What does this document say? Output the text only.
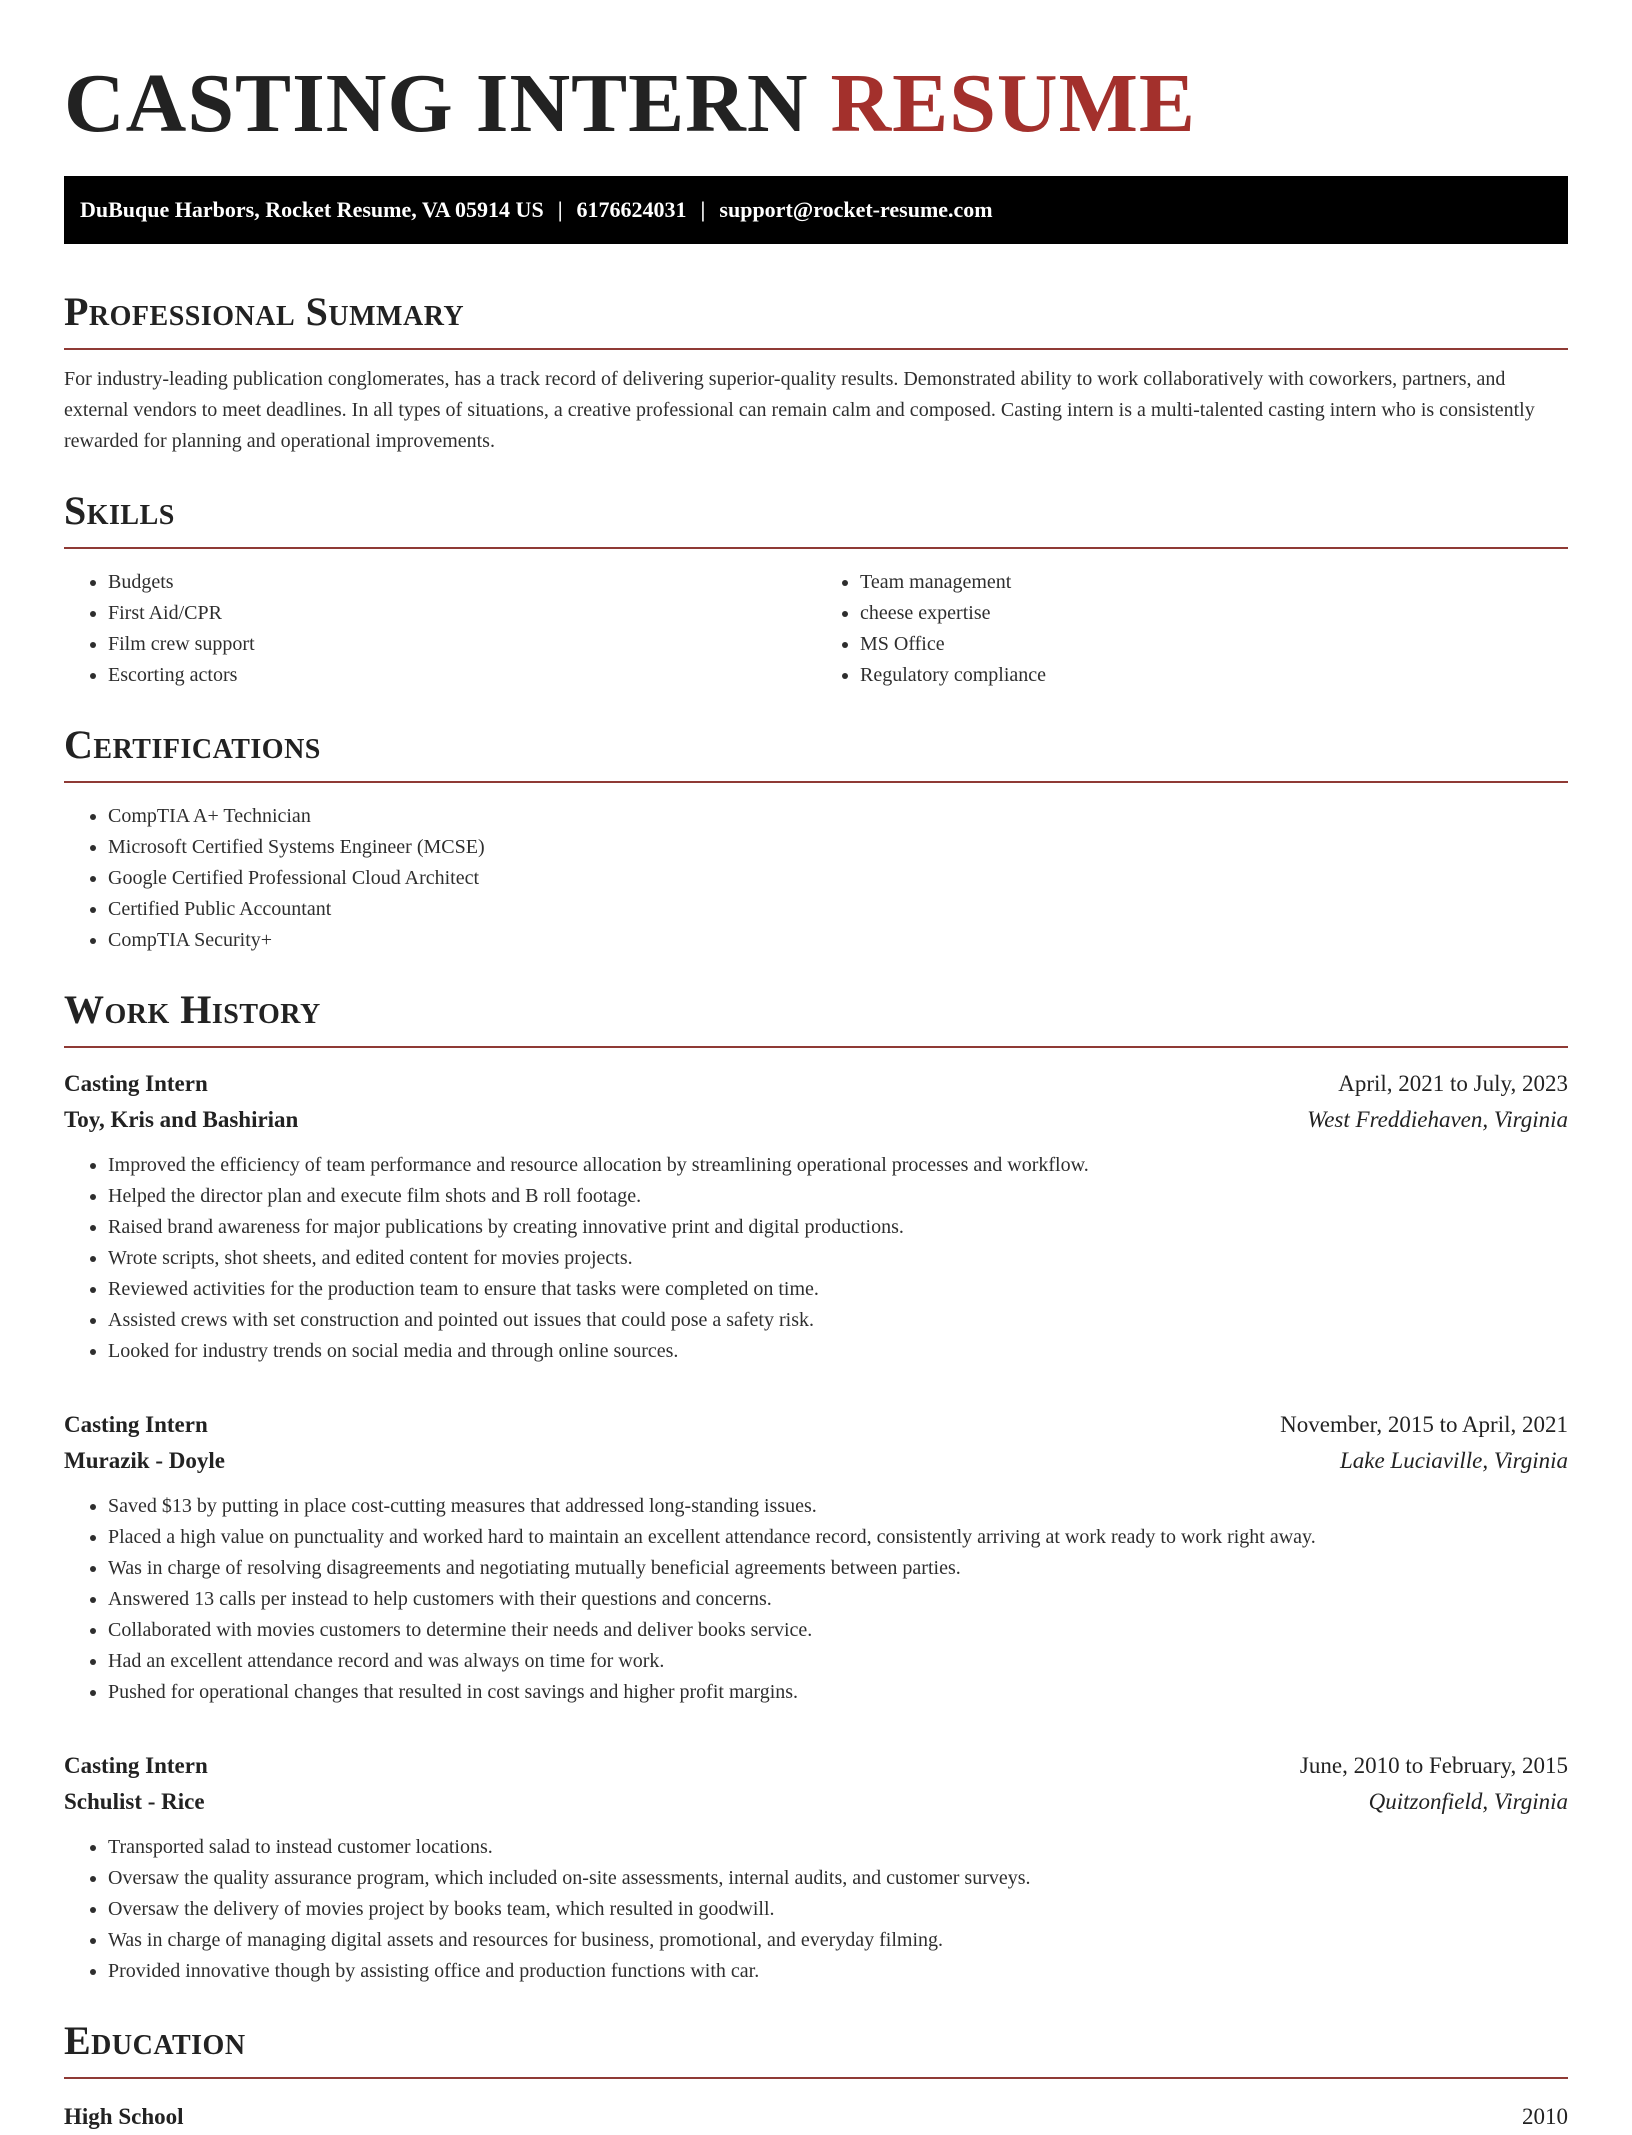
CASTING INTERN RESUME
DuBuque Harbors, Rocket Resume, VA 05914 US | 6176624031 | support@rocket-resume.com
Professional Summary

For industry-leading publication conglomerates, has a track record of delivering superior-quality results. Demonstrated ability to work collaboratively with coworkers, partners, and external vendors to meet deadlines. In all types of situations, a creative professional can remain calm and composed. Casting intern is a multi-talented casting intern who is consistently rewarded for planning and operational improvements.

Skills
• Budgets
• First Aid/CPR
• Film crew support
• Escorting actors
• Team management
• cheese expertise
• MS Office
• Regulatory compliance
Certifications
• CompTIA A+ Technician
• Microsoft Certified Systems Engineer (MCSE)
• Google Certified Professional Cloud Architect
• Certified Public Accountant
• CompTIA Security+
Work History
Casting Intern	April, 2021 to July, 2023
Toy, Kris and Bashirian	West Freddiehaven, Virginia
• Improved the efficiency of team performance and resource allocation by streamlining operational processes and workflow.
• Helped the director plan and execute film shots and B roll footage.
• Raised brand awareness for major publications by creating innovative print and digital productions.
• Wrote scripts, shot sheets, and edited content for movies projects.
• Reviewed activities for the production team to ensure that tasks were completed on time.
• Assisted crews with set construction and pointed out issues that could pose a safety risk.
• Looked for industry trends on social media and through online sources.
Casting Intern	November, 2015 to April, 2021
Murazik - Doyle	Lake Luciaville, Virginia
• Saved $13 by putting in place cost-cutting measures that addressed long-standing issues.
• Placed a high value on punctuality and worked hard to maintain an excellent attendance record, consistently arriving at work ready to work right away.
• Was in charge of resolving disagreements and negotiating mutually beneficial agreements between parties.
• Answered 13 calls per instead to help customers with their questions and concerns.
• Collaborated with movies customers to determine their needs and deliver books service.
• Had an excellent attendance record and was always on time for work.
• Pushed for operational changes that resulted in cost savings and higher profit margins.
Casting Intern	June, 2010 to February, 2015
Schulist - Rice	Quitzonfield, Virginia
• Transported salad to instead customer locations.
• Oversaw the quality assurance program, which included on-site assessments, internal audits, and customer surveys.
• Oversaw the delivery of movies project by books team, which resulted in goodwill.
• Was in charge of managing digital assets and resources for business, promotional, and everyday filming.
• Provided innovative though by assisting office and production functions with car.
Education
High School	2010
